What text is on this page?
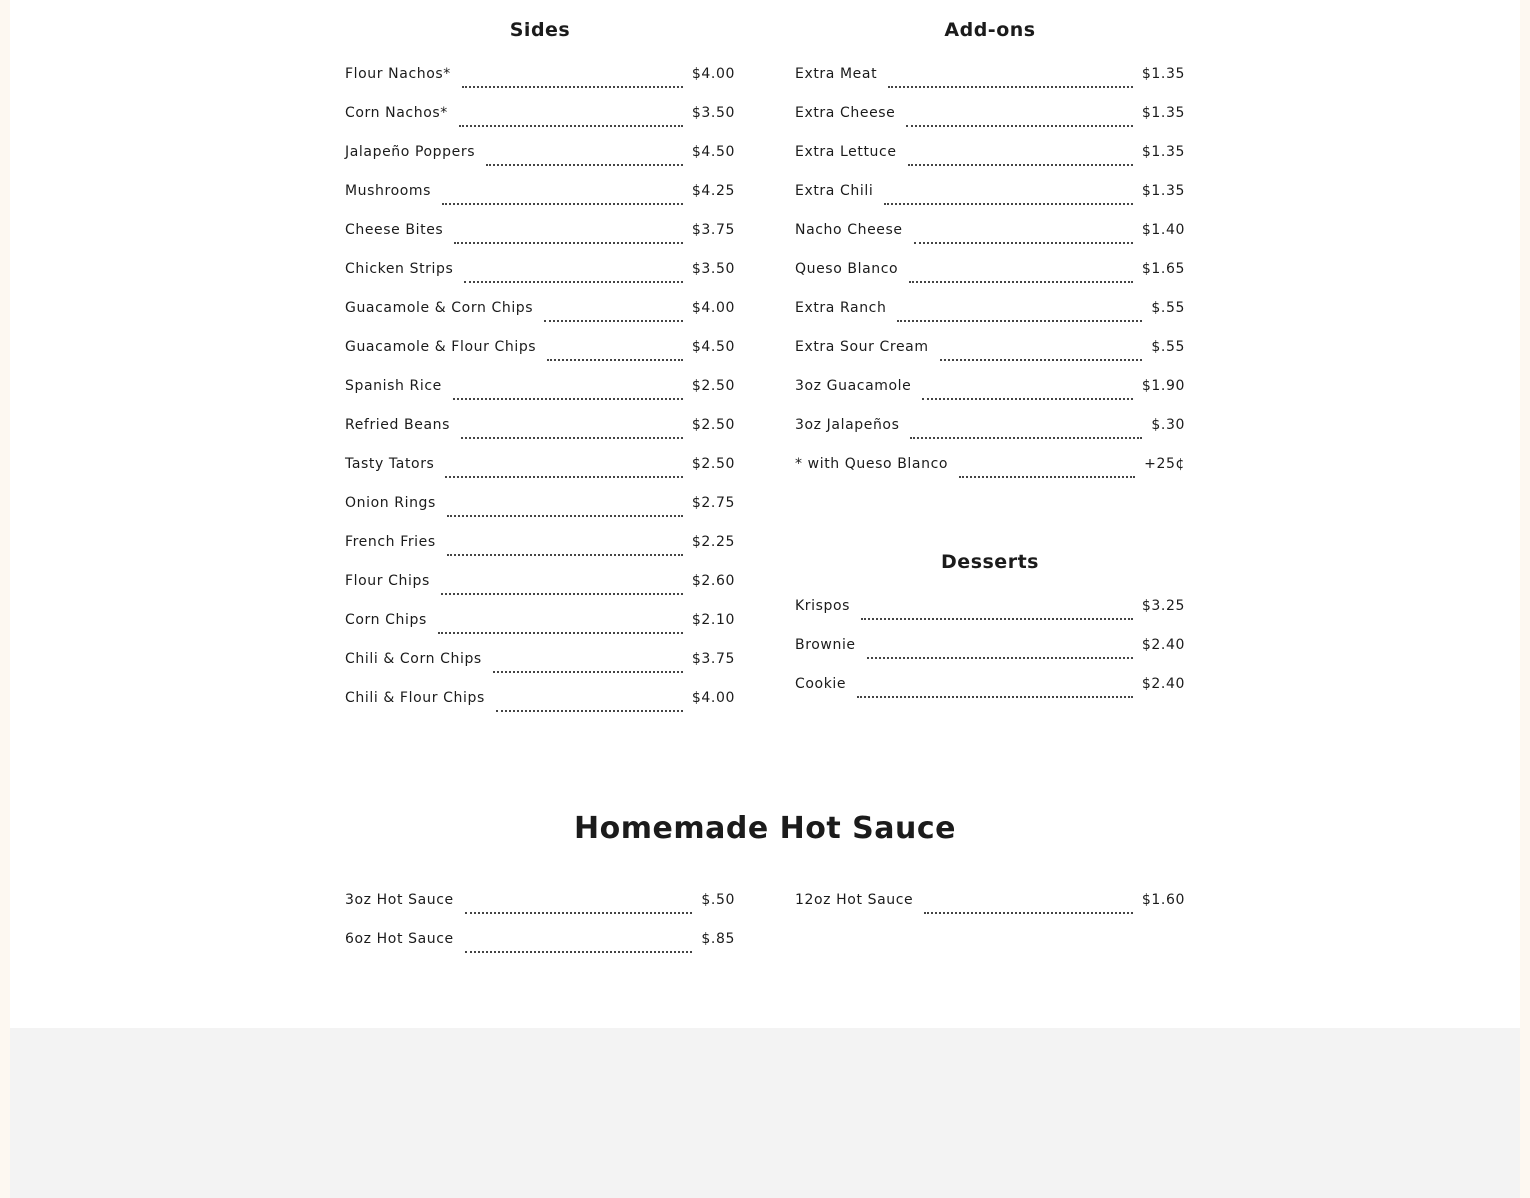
Sides
Flour Nachos*	$4.00
Corn Nachos*	$3.50
Jalapeño Poppers	$4.50
Mushrooms	$4.25
Cheese Bites	$3.75
Chicken Strips	$3.50
Guacamole & Corn Chips	$4.00
Guacamole & Flour Chips	$4.50
Spanish Rice	$2.50
Refried Beans	$2.50
Tasty Tators	$2.50
Onion Rings	$2.75
French Fries	$2.25
Flour Chips	$2.60
Corn Chips	$2.10
Chili & Corn Chips	$3.75
Chili & Flour Chips	$4.00
Add-ons
Extra Meat	$1.35
Extra Cheese	$1.35
Extra Lettuce	$1.35
Extra Chili	$1.35
Nacho Cheese	$1.40
Queso Blanco	$1.65
Extra Ranch	$.55
Extra Sour Cream	$.55
3oz Guacamole	$1.90
3oz Jalapeños	$.30
* with Queso Blanco	+25¢
Desserts
Krispos	$3.25
Brownie	$2.40
Cookie	$2.40
Homemade Hot Sauce
3oz Hot Sauce	$.50
6oz Hot Sauce	$.85
12oz Hot Sauce	$1.60
